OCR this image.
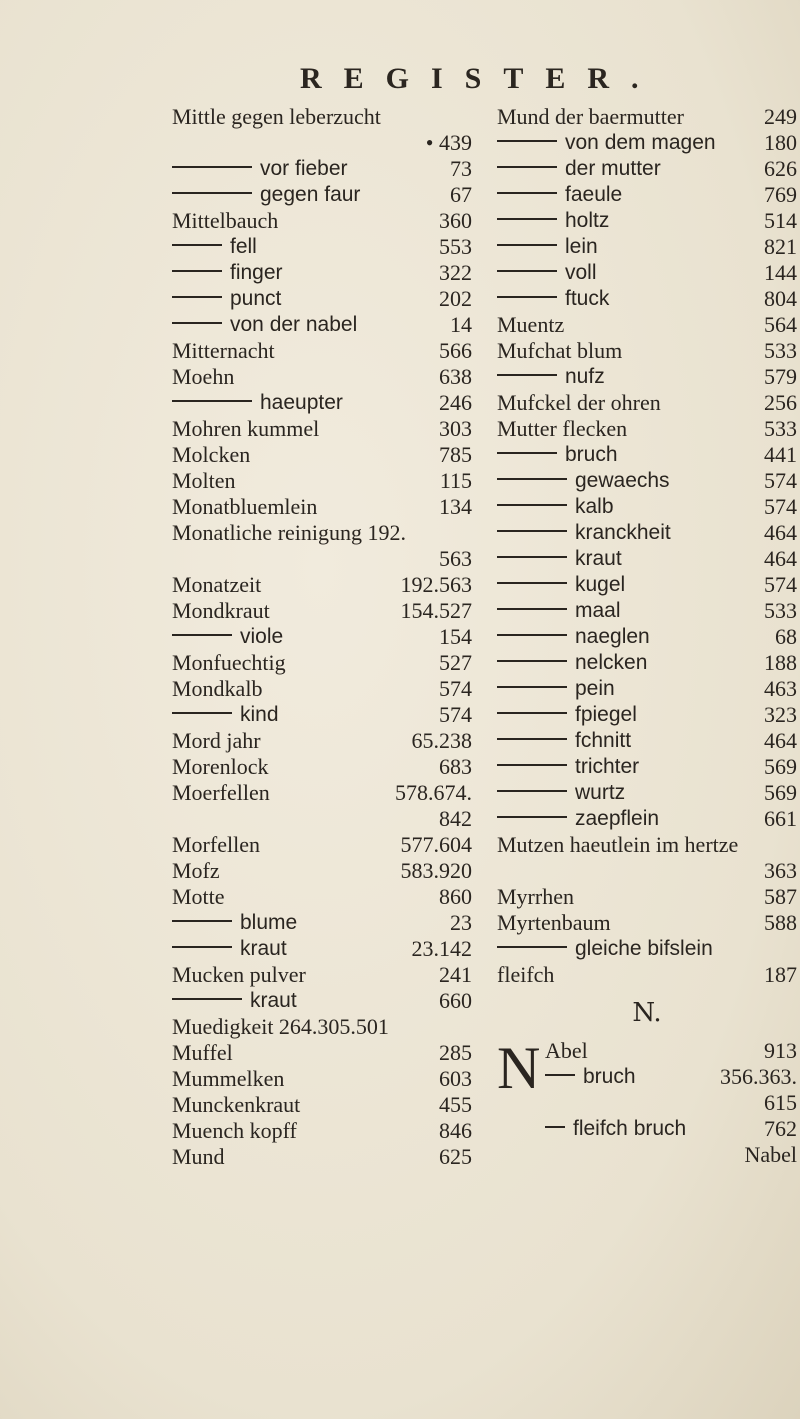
REGISTER.
Mittle gegen leberzucht
• 439
vor fieber	73
gegen faur	67
Mittelbauch	360
fell	553
finger	322
punct	202
von der nabel	14
Mitternacht	566
Moehn	638
haeupter	246
Mohren kummel	303
Molcken	785
Molten	115
Monatbluemlein	134
Monatliche reinigung 192.
563
Monatzeit	192.563
Mondkraut	154.527
viole	154
Monfuechtig	527
Mondkalb	574
kind	574
Mord jahr	65.238
Morenlock	683
Moerfellen	578.674.
842
Morfellen	577.604
Mofz	583.920
Motte	860
blume	23
kraut	23.142
Mucken pulver	241
kraut	660
Muedigkeit 264.305.501
Muffel	285
Mummelken	603
Munckenkraut	455
Muench kopff	846
Mund	625
Mund der baermutter	249
von dem magen 180
der mutter	626
faeule	769
holtz	514
lein	821
voll	144
ftuck	804
Muentz	564
Mufchat blum	533
nufz	579
Mufckel der ohren	256
Mutter flecken	533
bruch	441
gewaechs	574
kalb	574
kranckheit	464
kraut	464
kugel	574
maal	533
naeglen	68
nelcken	188
pein	463
fpiegel	323
fchnitt	464
trichter	569
wurtz	569
zaepflein	661
Mutzen haeutlein im hertze
363
Myrrhen	587
Myrtenbaum	588
gleiche bifslein
fleifch	187
N.
N Abel	913
bruch	356.363.
615
fleifch bruch	762
Nabel
